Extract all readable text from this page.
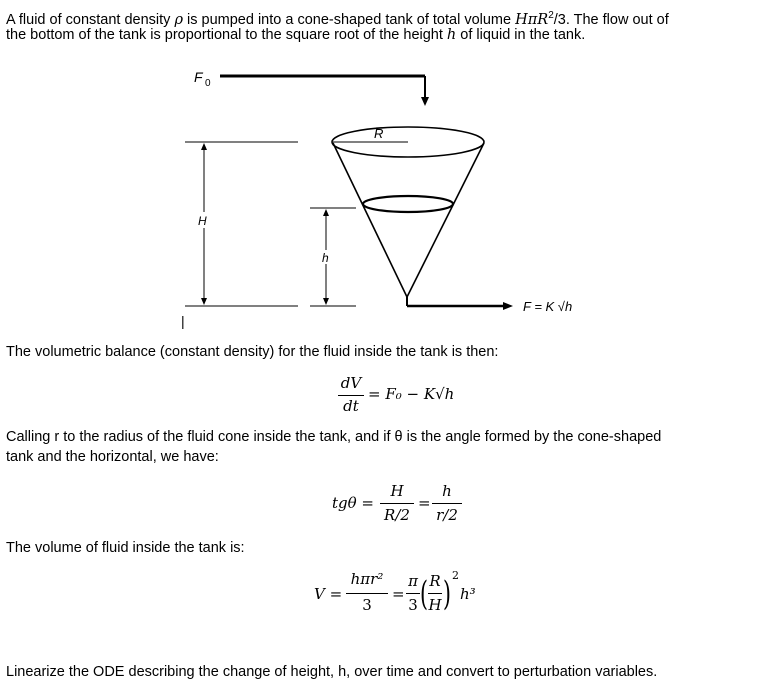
A fluid of constant density ρ is pumped into a cone-shaped tank of total volume HπR$^2$/3. The flow out of
the bottom of the tank is proportional to the square root of the height h of liquid in the tank.
F 0
R
F = K √h
H
h
|
The volumetric balance (constant density) for the fluid inside the tank is then:
dV
dt
= F₀ − K√h
Calling r to the radius of the fluid cone inside the tank, and if θ is the angle formed by the cone-shaped
tank and the horizontal, we have:
tgθ =
H
R/2
=
h
r/2
The volume of fluid inside the tank is:
V =
hπr²
3
=
π
3 ( R
H ) 2
h³
Linearize the ODE describing the change of height, h, over time and convert to perturbation variables.
